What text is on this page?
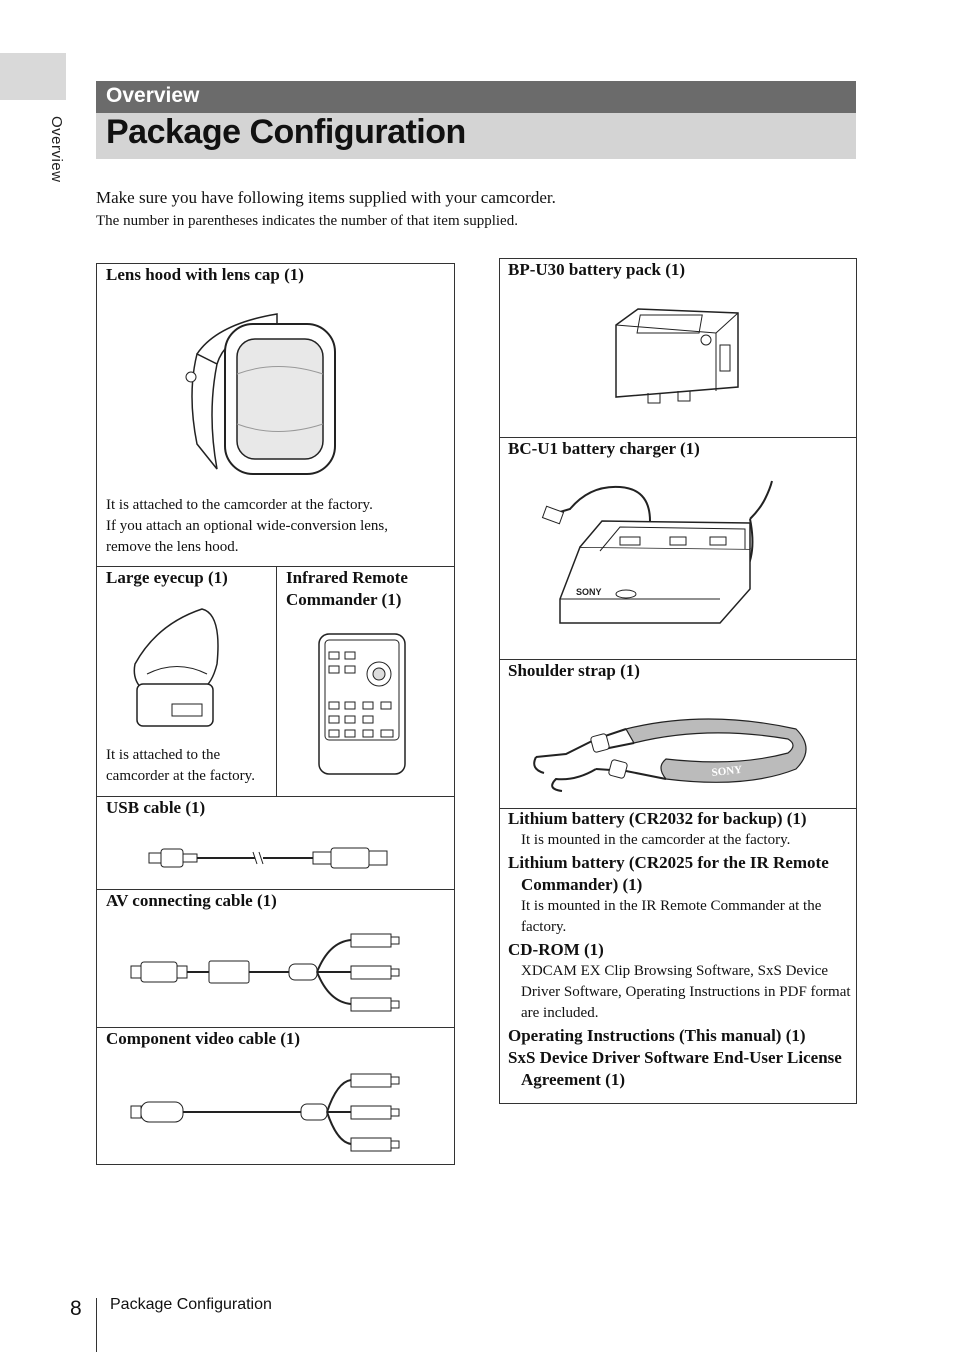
Overview
Overview
Package Configuration
Make sure you have following items supplied with your camcorder.
The number in parentheses indicates the number of that item supplied.
Lens hood with lens cap (1)
It is attached to the camcorder at the factory.
If you attach an optional wide-conversion lens,
remove the lens hood.
Large eyecup (1)
It is attached to the
camcorder at the factory.
Infrared Remote
Commander (1)
USB cable (1)
AV connecting cable (1)
Component video cable (1)
BP-U30 battery pack (1)
BC-U1 battery charger (1)
SONY
Shoulder strap (1)
SONY
Lithium battery (CR2032 for backup) (1)
It is mounted in the camcorder at the factory.
Lithium battery (CR2025 for the IR Remote Commander) (1)
It is mounted in the IR Remote Commander at the factory.
CD-ROM (1)
XDCAM EX Clip Browsing Software, SxS Device Driver Software, Operating Instructions in PDF format are included.
Operating Instructions (This manual) (1)
SxS Device Driver Software End-User License Agreement (1)
8 Package Configuration
